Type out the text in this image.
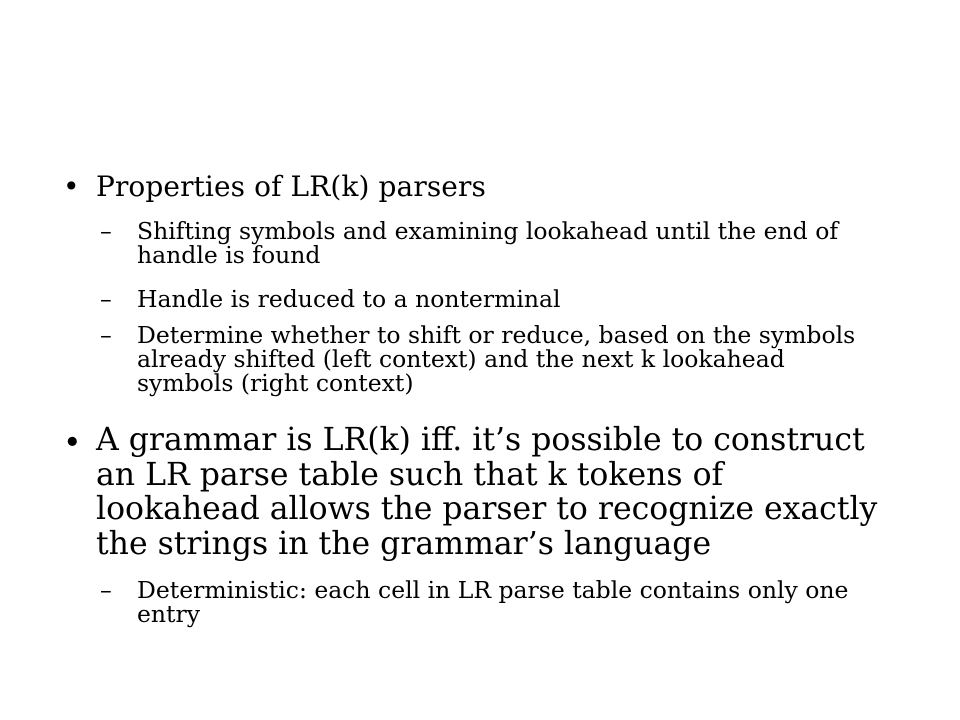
• Properties of LR(k) parsers
– Shifting symbols and examining lookahead until the end of handle is found
– Handle is reduced to a nonterminal
– Determine whether to shift or reduce, based on the symbols already shifted (left context) and the next k lookahead symbols (right context)
• A grammar is LR(k) iff. it’s possible to construct an LR parse table such that k tokens of lookahead allows the parser to recognize exactly the strings in the grammar’s language
– Deterministic: each cell in LR parse table contains only one entry
